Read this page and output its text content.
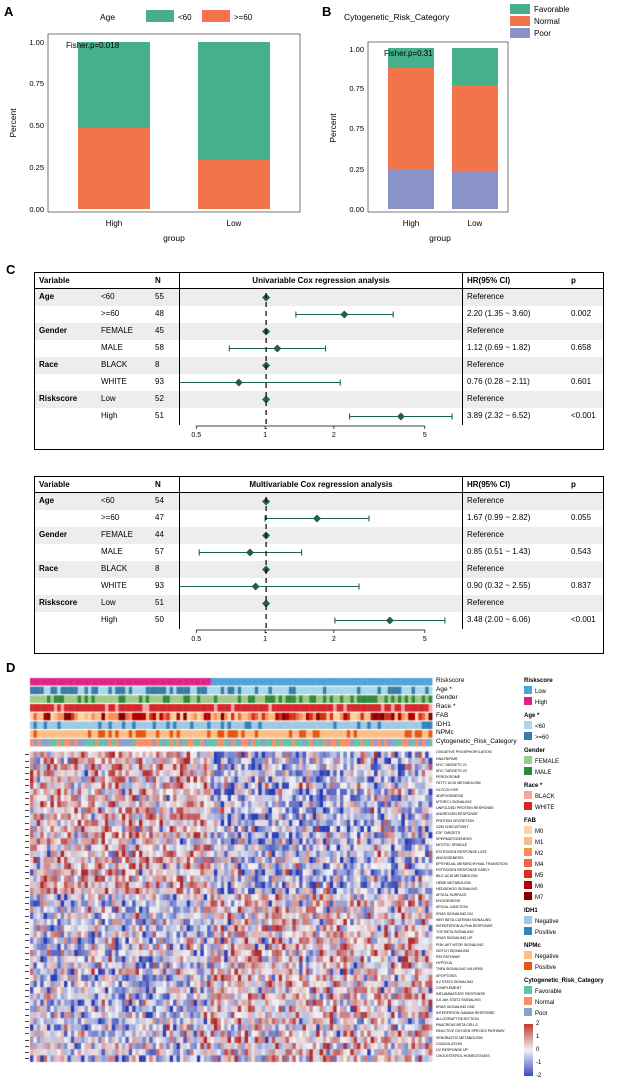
A	Age	<60	>=60
0.00
0.25
0.50
0.75
1.00	Fisher.p=0.018
High	Low
group
Percent
B Cytogenetic_Risk_Category
Favorable
Normal
Poor
0.00
0.25
0.75
0.75
1.00	Fisher.p=0.31
High	Low
group
Percent
C
Variable	N	Univariable Cox regression analysis	HR(95% CI)	p
Age	<60	55	Reference
>=60	48	2.20 (1.35 ~ 3.60)	0.002
Gender	FEMALE	45	Reference
MALE	58	1.12 (0.69 ~ 1.82)	0.658
Race	BLACK	8	Reference
WHITE	93	0.76 (0.28 ~ 2.11)	0.601
Riskscore	Low	52	Reference
High	51	3.89 (2.32 ~ 6.52)	<0.001
0.5	1	2	5
Variable	N	Multivariable Cox regression analysis	HR(95% CI)	p
Age	<60	54	Reference
>=60	47	1.67 (0.99 ~ 2.82)	0.055
Gender	FEMALE	44	Reference
MALE	57	0.85 (0.51 ~ 1.43)	0.543
Race	BLACK	8	Reference
WHITE	93	0.90 (0.32 ~ 2.55)	0.837
Riskscore	Low	51	Reference
High	50	3.48 (2.00 ~ 6.06)	<0.001
0.5	1	2	5
Riskscore
Age *
Gender
Race *
FAB
IDH1
NPMc
Cytogenetic_Risk_Category
OXIDATIVE PHOSPHORYLATION
DNA REPAIR
MYC TARGETS V1
MYC TARGETS V2
PEROXISOME
FATTY ACID METABOLISM
GLYCOLYSIS
ADIPOGENESIS
MTORC1 SIGNALING
UNFOLDED PROTEIN RESPONSE
ANDROGEN RESPONSE
PROTEIN SECRETION
G2M CHECKPOINT
E2F TARGETS
SPERMATOGENESIS
MITOTIC SPINDLE
ESTROGEN RESPONSE LATE
ANGIOGENESIS
EPITHELIAL MESENCHYMAL TRANSITION
ESTROGEN RESPONSE EARLY
BILE ACID METABOLISM
HEME METABOLISM
HEDGEHOG SIGNALING
APICAL SURFACE
MYOGENESIS
APICAL JUNCTION
KRAS SIGNALING DN
WNT BETA CATENIN SIGNALING
INTERFERON ALPHA RESPONSE
TGF BETA SIGNALING
KRAS SIGNALING UP
PI3K AKT MTOR SIGNALING
NOTCH SIGNALING
P53 PATHWAY
HYPOXIA
TNFA SIGNALING VIA NFKB
APOPTOSIS
IL2 STAT5 SIGNALING
COMPLEMENT
INFLAMMATORY RESPONSE
IL6 JAK STAT3 SIGNALING
KRAS SIGNALING DN2
INTERFERON GAMMA RESPONSE
ALLOGRAFT REJECTION
PANCREAS BETA CELLS
REACTIVE OXYGEN SPECIES PATHWAY
XENOBIOTIC METABOLISM
COAGULATION
UV RESPONSE UP
CHOLESTEROL HOMEOSTASIS
Riskscore
Low
High
Age *
<60
>=60
Gender
FEMALE
MALE
Race *
BLACK
WHITE
FAB
M0
M1
M2
M4
M5
M6
M7
IDH1
Negative
Positive
NPMc
Negative
Positive
Cytogenetic_Risk_Category
Favorable
Normal
Poor
2
1
0
-1
-2
